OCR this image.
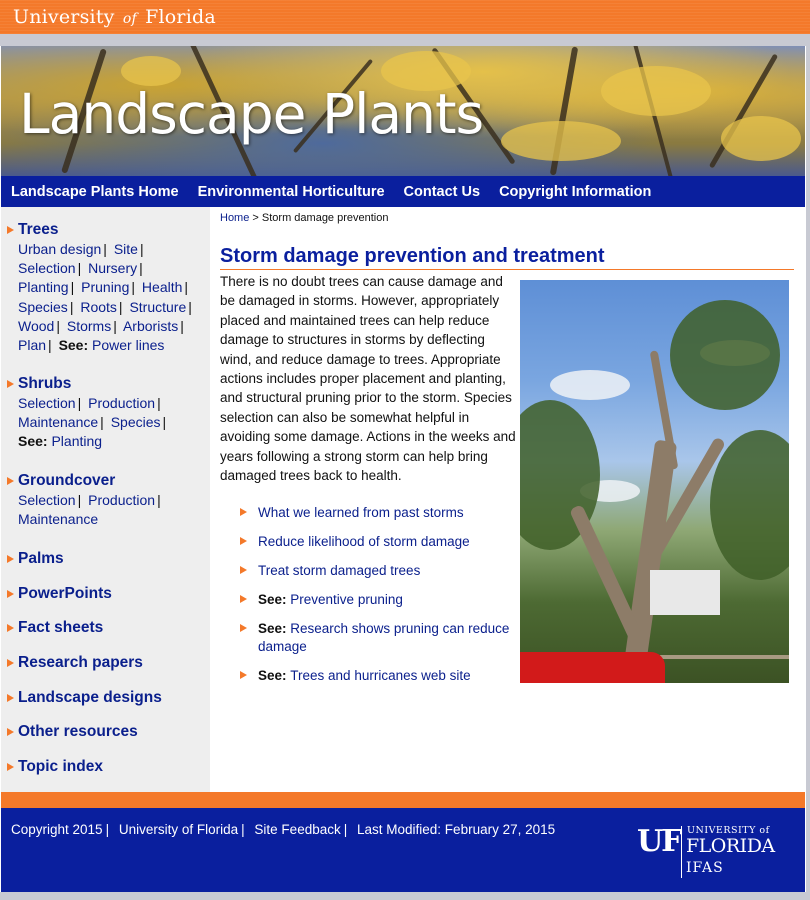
University of Florida
Landscape Plants
Landscape Plants Home Environmental Horticulture Contact Us Copyright Information
Trees
Urban design | Site |
Selection | Nursery |
Planting | Pruning | Health |
Species | Roots | Structure |
Wood | Storms | Arborists |
Plan | See: Power lines
Shrubs
Selection | Production |
Maintenance | Species |
See: Planting
Groundcover
Selection | Production |
Maintenance
Palms
PowerPoints
Fact sheets
Research papers
Landscape designs
Other resources
Topic index
Home > Storm damage prevention
Storm damage prevention and treatment

There is no doubt trees can cause damage and be damaged in storms. However, appropriately placed and maintained trees can help reduce damage to structures in storms by deflecting wind, and reduce damage to trees. Appropriate actions includes proper placement and planting, and structural pruning prior to the storm. Species selection can also be somewhat helpful in avoiding some damage. Actions in the weeks and years following a strong storm can help bring damaged trees back to health.

What we learned from past storms
Reduce likelihood of storm damage
Treat storm damaged trees
See: Preventive pruning
See: Research shows pruning can reduce damage
See: Trees and hurricanes web site
Copyright 2015 | University of Florida | Site Feedback | Last Modified: February 27, 2015	UF UNIVERSITY of
FLORIDA
IFAS
